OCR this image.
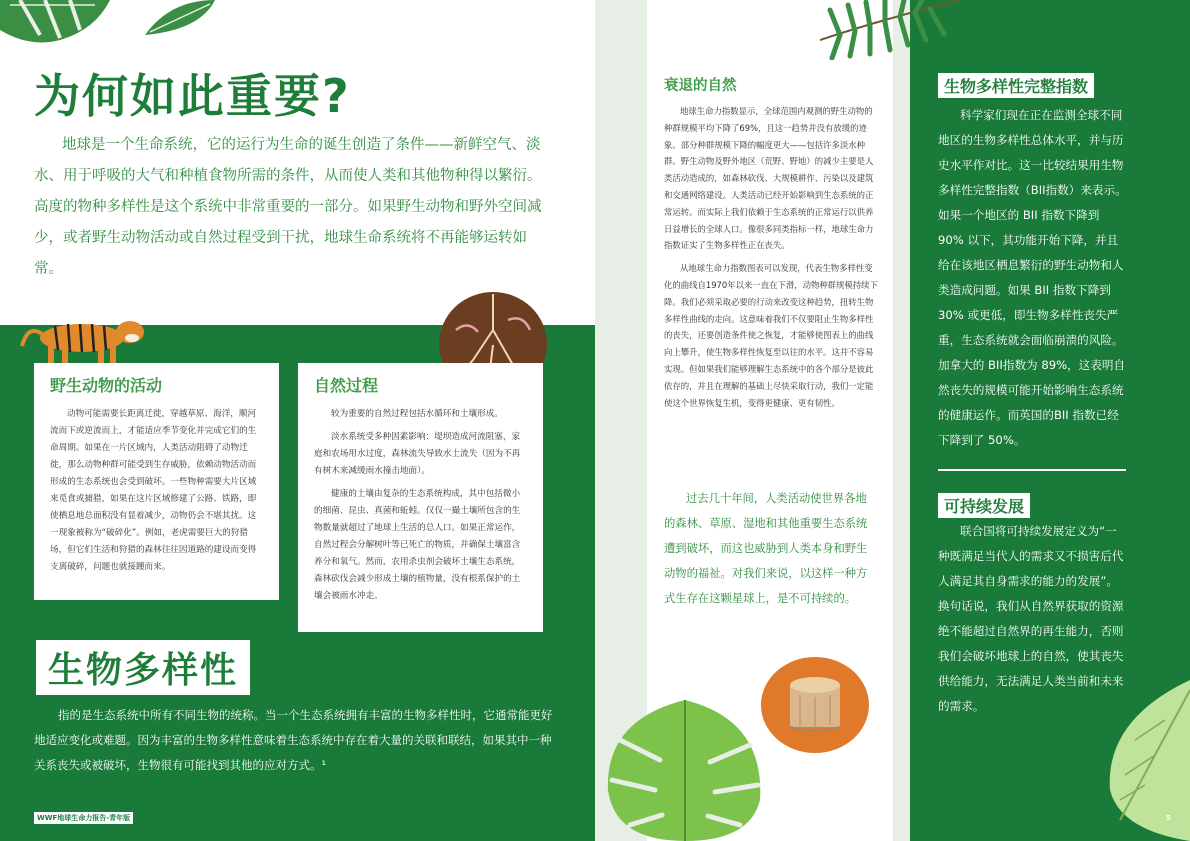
为何如此重要?
地球是一个生命系统，它的运行为生命的诞生创造了条件——新鲜空气、淡水、用于呼吸的大气和种植食物所需的条件，从而使人类和其他物种得以繁衍。高度的物种多样性是这个系统中非常重要的一部分。如果野生动物和野外空间减少，或者野生动物活动或自然过程受到干扰，地球生命系统将不再能够运转如常。
野生动物的活动

动物可能需要长距离迁徙，穿越草原、海洋，顺河流而下或逆流而上，才能适应季节变化并完成它们的生命周期。如果在一片区域内，人类活动阻碍了动物迁徙，那么动物种群可能受到生存威胁，依赖动物活动而形成的生态系统也会受到破坏。一些物种需要大片区域来觅食或捕猎，如果在这片区域修建了公路、铁路，即使栖息地总面积没有显着减少，动物仍会不堪其扰。这一现象被称为“破碎化”。例如，老虎需要巨大的狩猎场，但它们生活和狩猎的森林往往因道路的建设而变得支离破碎，问题也就接踵而来。

自然过程

较为重要的自然过程包括水循环和土壤形成。

淡水系统受多种因素影响：堤坝造成河流阻塞，家庭和农场用水过度，森林流失导致水土流失（因为不再有树木来减缓雨水撞击地面）。

健康的土壤由复杂的生态系统构成，其中包括微小的细菌、昆虫、真菌和蚯蚓。仅仅一撮土壤所包含的生物数量就超过了地球上生活的总人口。如果正常运作，自然过程会分解树叶等已死亡的物质，并确保土壤富含养分和氧气。然而，农用杀虫剂会破坏土壤生态系统，森林砍伐会减少形成土壤的植物量，没有根系保护的土壤会被雨水冲走。

生物多样性
指的是生态系统中所有不同生物的统称。当一个生态系统拥有丰富的生物多样性时，它通常能更好地适应变化或难题。因为丰富的生物多样性意味着生态系统中存在着大量的关联和联结，如果其中一种关系丧失或被破坏，生物很有可能找到其他的应对方式。¹
WWF地球生命力报告-青年版
衰退的自然

地球生命力指数显示，全球范围内观测的野生动物的种群规模平均下降了69%，且这一趋势并没有放缓的迹象。部分种群规模下降的幅度更大——包括许多淡水种群。野生动物及野外地区（荒野、野地）的减少主要是人类活动造成的，如森林砍伐、大规模耕作、污染以及建筑和交通网络建设。人类活动已经开始影响到生态系统的正常运转。而实际上我们依赖于生态系统的正常运行以供养日益增长的全球人口。像很多同类指标一样，地球生命力指数证实了生物多样性正在丧失。

从地球生命力指数图表可以发现，代表生物多样性变化的曲线自1970年以来一直在下滑，动物种群规模持续下降。我们必须采取必要的行动来改变这种趋势，扭转生物多样性曲线的走向。这意味着我们不仅要阻止生物多样性的丧失，还要创造条件使之恢复，才能够使图表上的曲线向上攀升，使生物多样性恢复至以往的水平。这并不容易实现。但如果我们能够理解生态系统中的各个部分是彼此依存的，并且在理解的基础上尽快采取行动，我们一定能使这个世界恢复生机，变得更健康、更有韧性。

过去几十年间，人类活动使世界各地的森林、草原、湿地和其他重要生态系统遭到破坏，而这也威胁到人类本身和野生动物的福祉。对我们来说，以这样一种方式生存在这颗星球上，是不可持续的。
生物多样性完整指数
科学家们现在正在监测全球不同地区的生物多样性总体水平，并与历史水平作对比。这一比较结果用生物多样性完整指数（BII指数）来表示。如果一个地区的 BII 指数下降到 90% 以下，其功能开始下降，并且给在该地区栖息繁衍的野生动物和人类造成问题。如果 BII 指数下降到 30% 或更低，即生物多样性丧失严重，生态系统就会面临崩溃的风险。加拿大的 BII指数为 89%，这表明自然丧失的规模可能开始影响生态系统的健康运作。而英国的BII 指数已经下降到了 50%。
可持续发展
联合国将可持续发展定义为“一种既满足当代人的需求又不损害后代人满足其自身需求的能力的发展”。换句话说，我们从自然界获取的资源绝不能超过自然界的再生能力，否则我们会破坏地球上的自然，使其丧失供给能力，无法满足人类当前和未来的需求。
5
